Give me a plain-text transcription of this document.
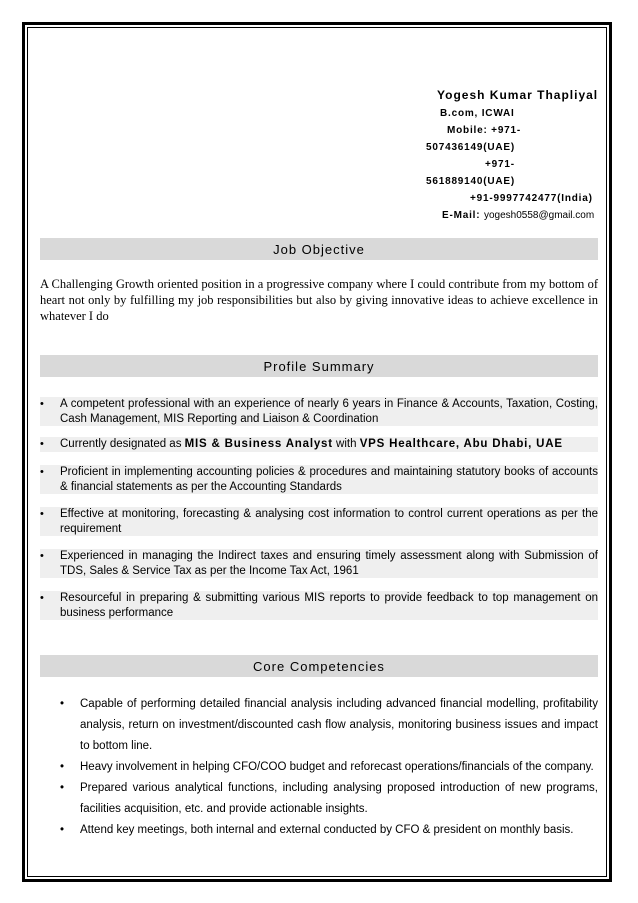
Yogesh Kumar Thapliyal
B.com, ICWAI
Mobile: +971-
507436149(UAE)
+971-
561889140(UAE)
+91-9997742477(India)
E-Mail: yogesh0558@gmail.com
Job Objective
A Challenging Growth oriented position in a progressive company where I could contribute from my bottom of heart not only by fulfilling my job responsibilities but also by giving innovative ideas to achieve excellence in whatever I do
Profile Summary
• A competent professional with an experience of nearly 6 years in Finance & Accounts, Taxation, Costing, Cash Management, MIS Reporting and Liaison & Coordination
• Currently designated as MIS & Business Analyst with VPS Healthcare, Abu Dhabi, UAE
• Proficient in implementing accounting policies & procedures and maintaining statutory books of accounts & financial statements as per the Accounting Standards
• Effective at monitoring, forecasting & analysing cost information to control current operations as per the requirement
• Experienced in managing the Indirect taxes and ensuring timely assessment along with Submission of TDS, Sales & Service Tax as per the Income Tax Act, 1961
• Resourceful in preparing & submitting various MIS reports to provide feedback to top management on business performance
Core Competencies
• Capable of performing detailed financial analysis including advanced financial modelling, profitability analysis, return on investment/discounted cash flow analysis, monitoring business issues and impact to bottom line.
• Heavy involvement in helping CFO/COO budget and reforecast operations/financials of the company.
• Prepared various analytical functions, including analysing proposed introduction of new programs, facilities acquisition, etc. and provide actionable insights.
• Attend key meetings, both internal and external conducted by CFO & president on monthly basis.
